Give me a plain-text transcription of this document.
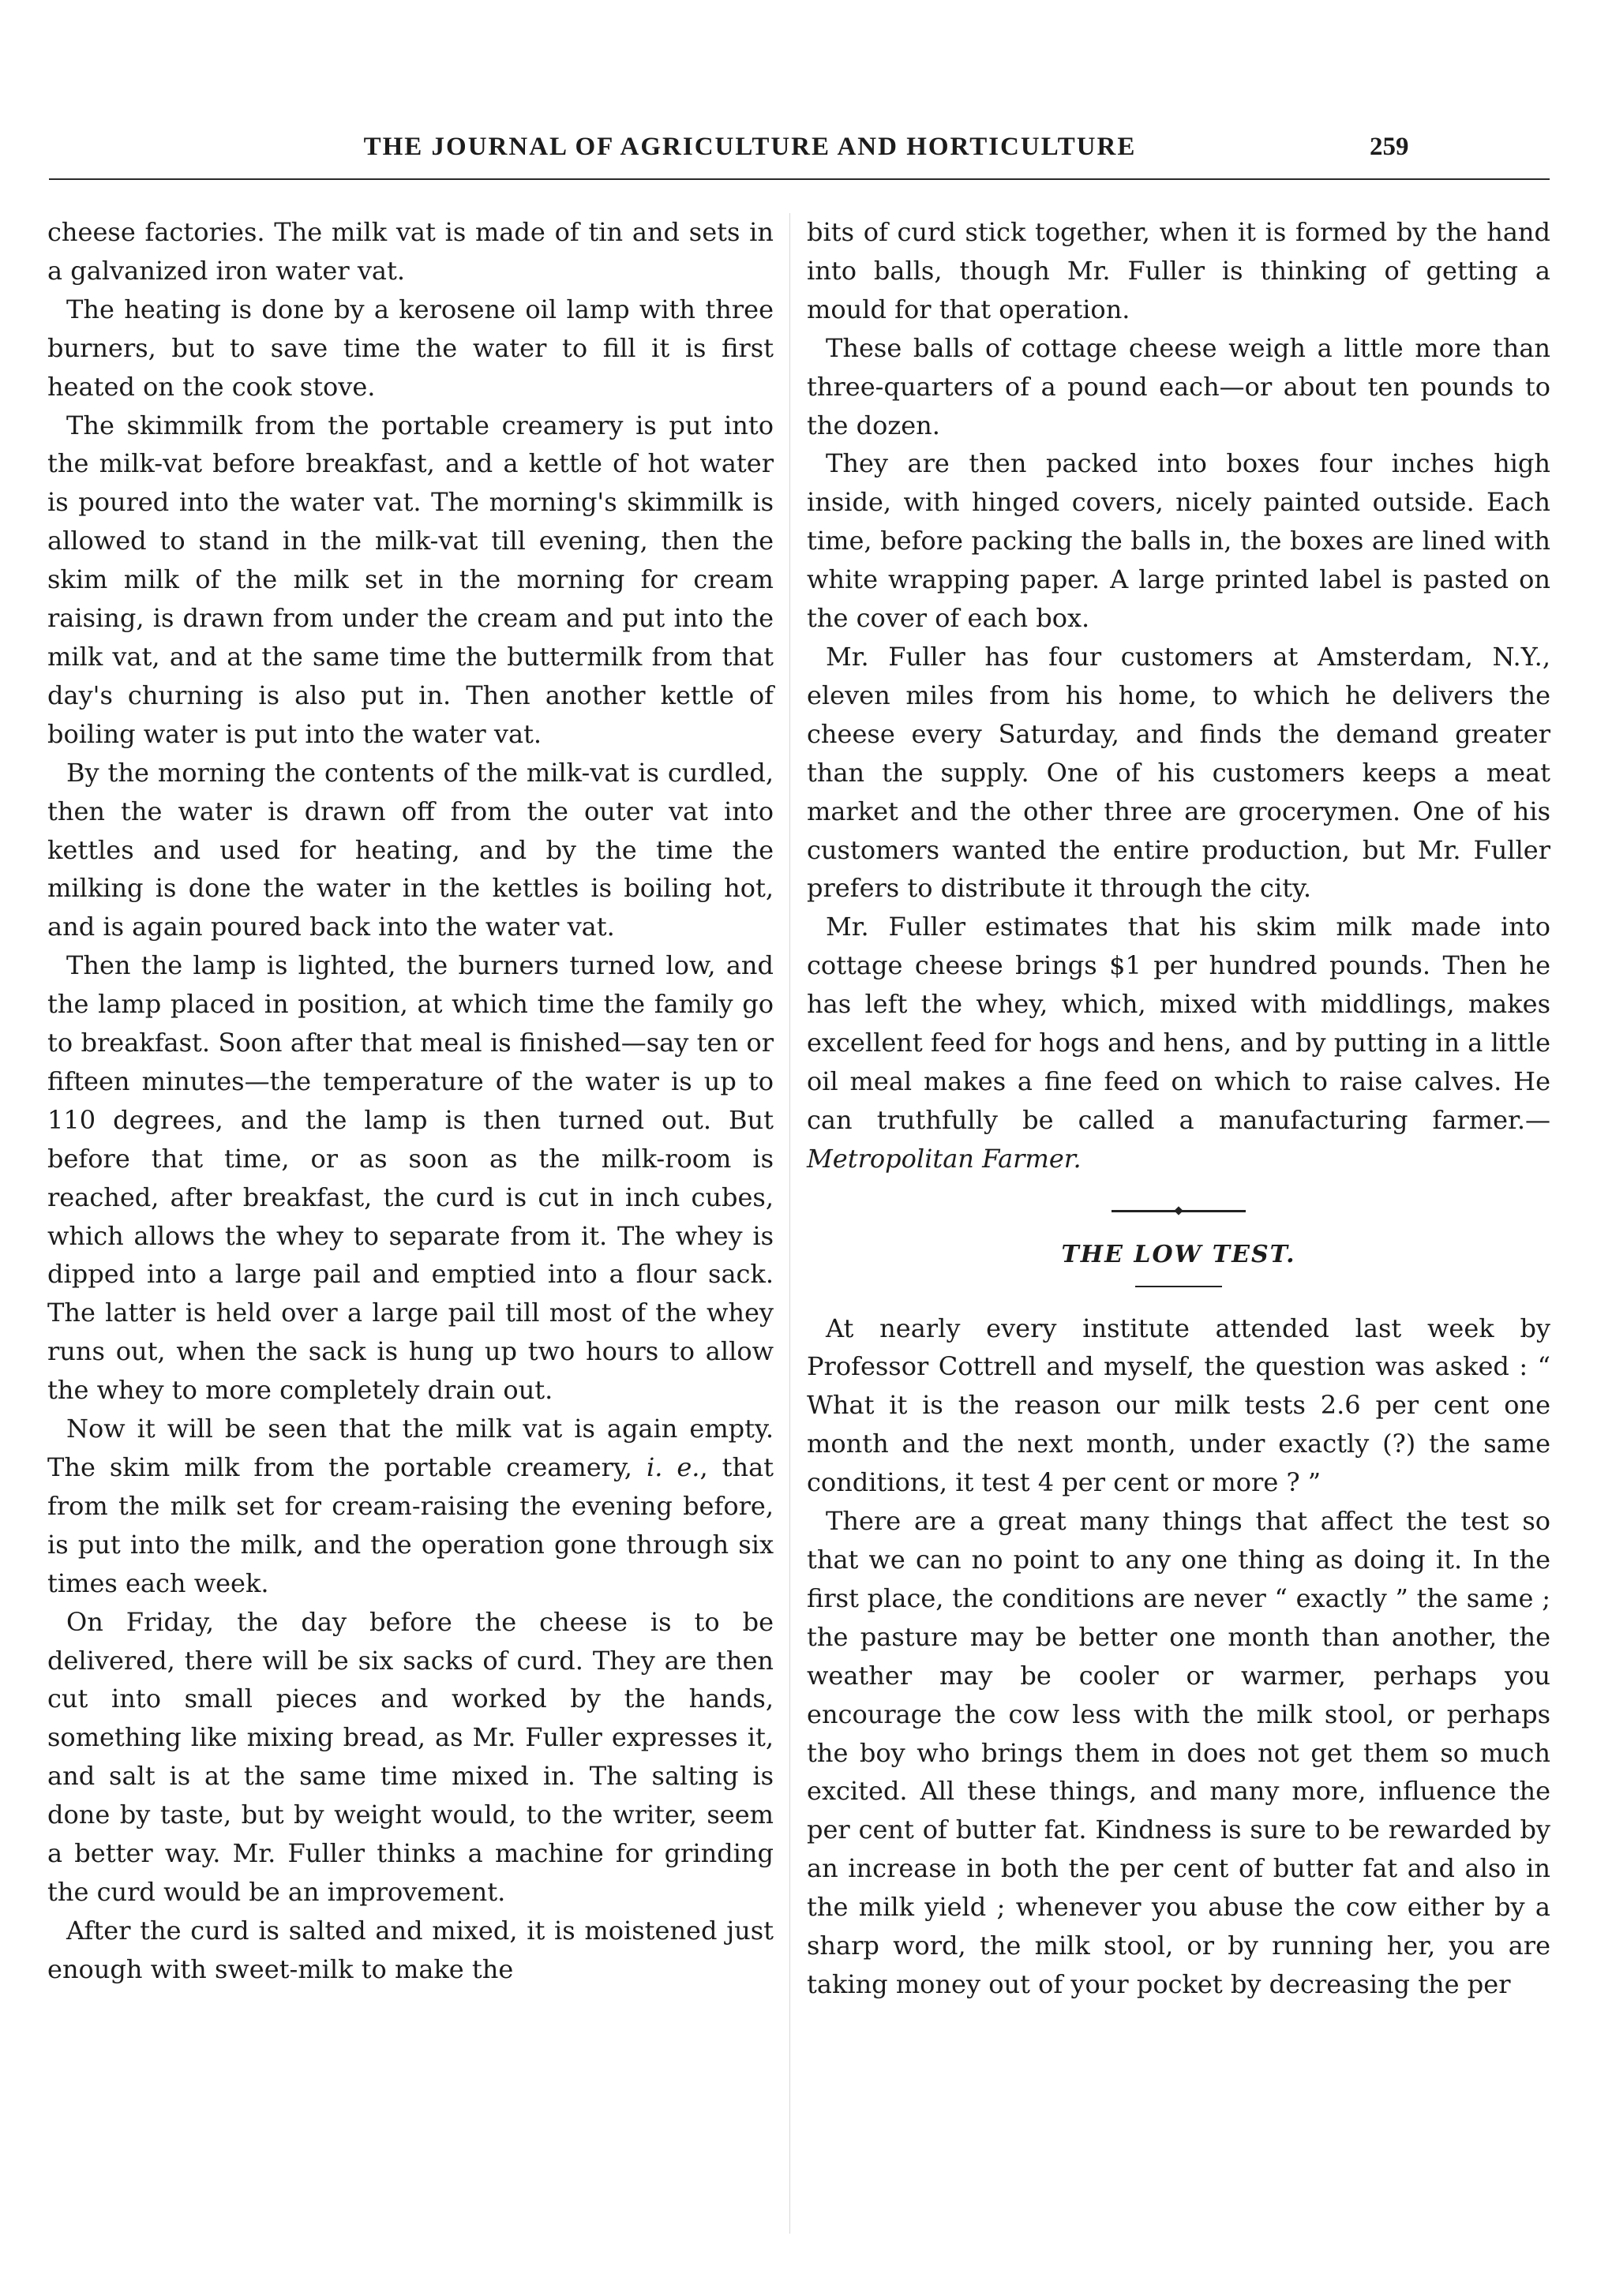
THE JOURNAL OF AGRICULTURE AND HORTICULTURE	259

cheese factories. The milk vat is made of tin and sets in a galvanized iron water vat.

The heating is done by a kerosene oil lamp with three burners, but to save time the water to fill it is first heated on the cook stove.

The skimmilk from the portable creamery is put into the milk-vat before breakfast, and a kettle of hot water is poured into the water vat. The morning's skimmilk is allowed to stand in the milk-vat till evening, then the skim milk of the milk set in the morning for cream raising, is drawn from under the cream and put into the milk vat, and at the same time the buttermilk from that day's churning is also put in. Then another kettle of boiling water is put into the water vat.

By the morning the contents of the milk-vat is curdled, then the water is drawn off from the outer vat into kettles and used for heating, and by the time the milking is done the water in the kettles is boiling hot, and is again poured back into the water vat.

Then the lamp is lighted, the burners turned low, and the lamp placed in position, at which time the family go to breakfast. Soon after that meal is finished—say ten or fifteen minutes—the temperature of the water is up to 110 degrees, and the lamp is then turned out. But before that time, or as soon as the milk-room is reached, after breakfast, the curd is cut in inch cubes, which allows the whey to separate from it. The whey is dipped into a large pail and emptied into a flour sack. The latter is held over a large pail till most of the whey runs out, when the sack is hung up two hours to allow the whey to more completely drain out.

Now it will be seen that the milk vat is again empty. The skim milk from the portable creamery, i. e., that from the milk set for cream-raising the evening before, is put into the milk, and the operation gone through six times each week.

On Friday, the day before the cheese is to be delivered, there will be six sacks of curd. They are then cut into small pieces and worked by the hands, something like mixing bread, as Mr. Fuller expresses it, and salt is at the same time mixed in. The salting is done by taste, but by weight would, to the writer, seem a better way. Mr. Fuller thinks a machine for grinding the curd would be an improvement.

After the curd is salted and mixed, it is moistened just enough with sweet-milk to make the

bits of curd stick together, when it is formed by the hand into balls, though Mr. Fuller is thinking of getting a mould for that operation.

These balls of cottage cheese weigh a little more than three-quarters of a pound each—or about ten pounds to the dozen.

They are then packed into boxes four inches high inside, with hinged covers, nicely painted outside. Each time, before packing the balls in, the boxes are lined with white wrapping paper. A large printed label is pasted on the cover of each box.

Mr. Fuller has four customers at Amsterdam, N.Y., eleven miles from his home, to which he delivers the cheese every Saturday, and finds the demand greater than the supply. One of his customers keeps a meat market and the other three are grocerymen. One of his customers wanted the entire production, but Mr. Fuller prefers to distribute it through the city.

Mr. Fuller estimates that his skim milk made into cottage cheese brings $1 per hundred pounds. Then he has left the whey, which, mixed with middlings, makes excellent feed for hogs and hens, and by putting in a little oil meal makes a fine feed on which to raise calves. He can truthfully be called a manufacturing farmer.—Metropolitan Farmer.

THE LOW TEST.

At nearly every institute attended last week by Professor Cottrell and myself, the question was asked : “ What it is the reason our milk tests 2.6 per cent one month and the next month, under exactly (?) the same conditions, it test 4 per cent or more ? ”

There are a great many things that affect the test so that we can no point to any one thing as doing it. In the first place, the conditions are never “ exactly ” the same ; the pasture may be better one month than another, the weather may be cooler or warmer, perhaps you encourage the cow less with the milk stool, or perhaps the boy who brings them in does not get them so much excited. All these things, and many more, influence the per cent of butter fat. Kindness is sure to be rewarded by an increase in both the per cent of butter fat and also in the milk yield ; whenever you abuse the cow either by a sharp word, the milk stool, or by running her, you are taking money out of your pocket by decreasing the per
